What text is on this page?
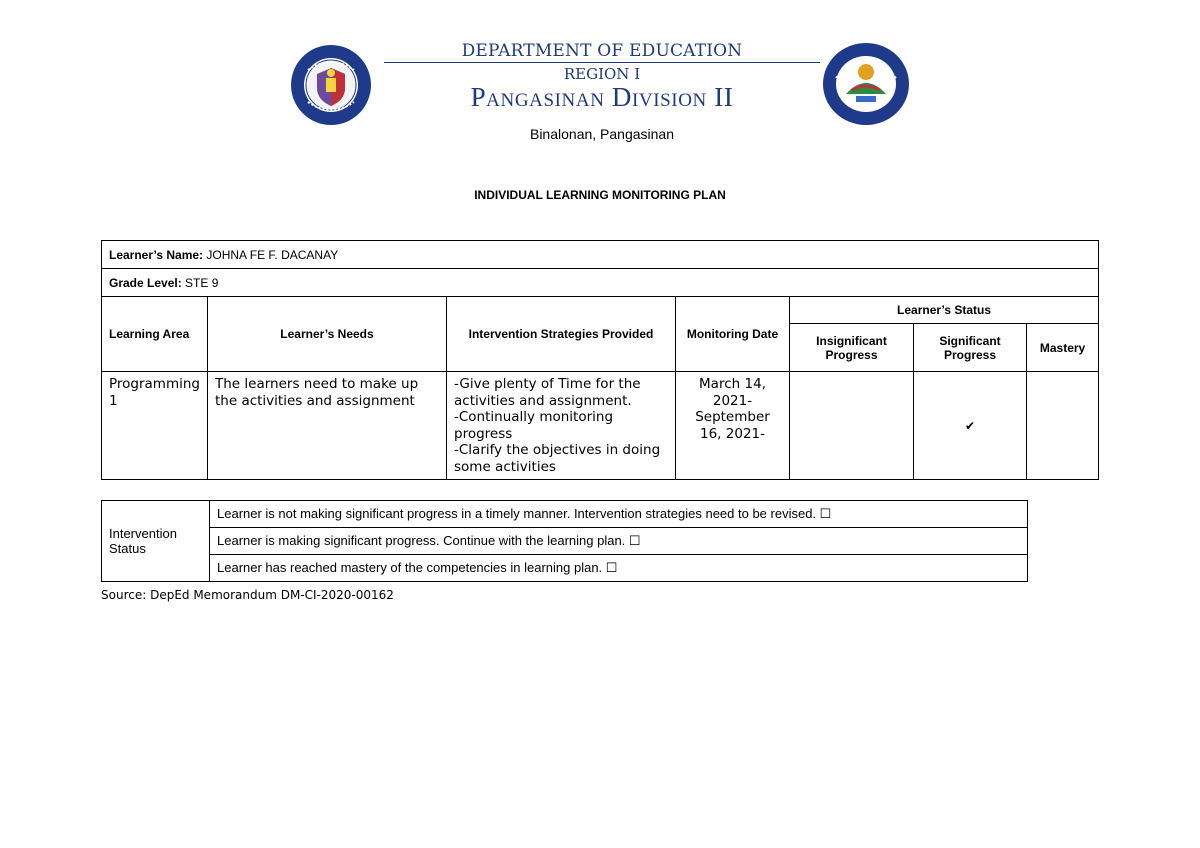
DEPARTMENT OF EDUCATION
REGION I
Pangasinan Division II
Binalonan, Pangasinan
INDIVIDUAL LEARNING MONITORING PLAN
Learner’s Name: JOHNA FE F. DACANAY						
Grade Level: STE 9						
Learning Area	Learner’s Needs	Intervention Strategies Provided	Monitoring Date	Learner’s Status		
				Insignificant Progress	Significant Progress	Mastery
Programming 1	The learners need to make up the activities and assignment	-Give plenty of Time for the activities and assignment.
-Continually monitoring progress
-Clarify the objectives in doing some activities	March 14, 2021- September 16, 2021-		✔	
Intervention Status	Learner is not making significant progress in a timely manner. Intervention strategies need to be revised. ☐
Learner is making significant progress. Continue with the learning plan. ☐
Learner has reached mastery of the competencies in learning plan. ☐
Source: DepEd Memorandum DM-CI-2020-00162
